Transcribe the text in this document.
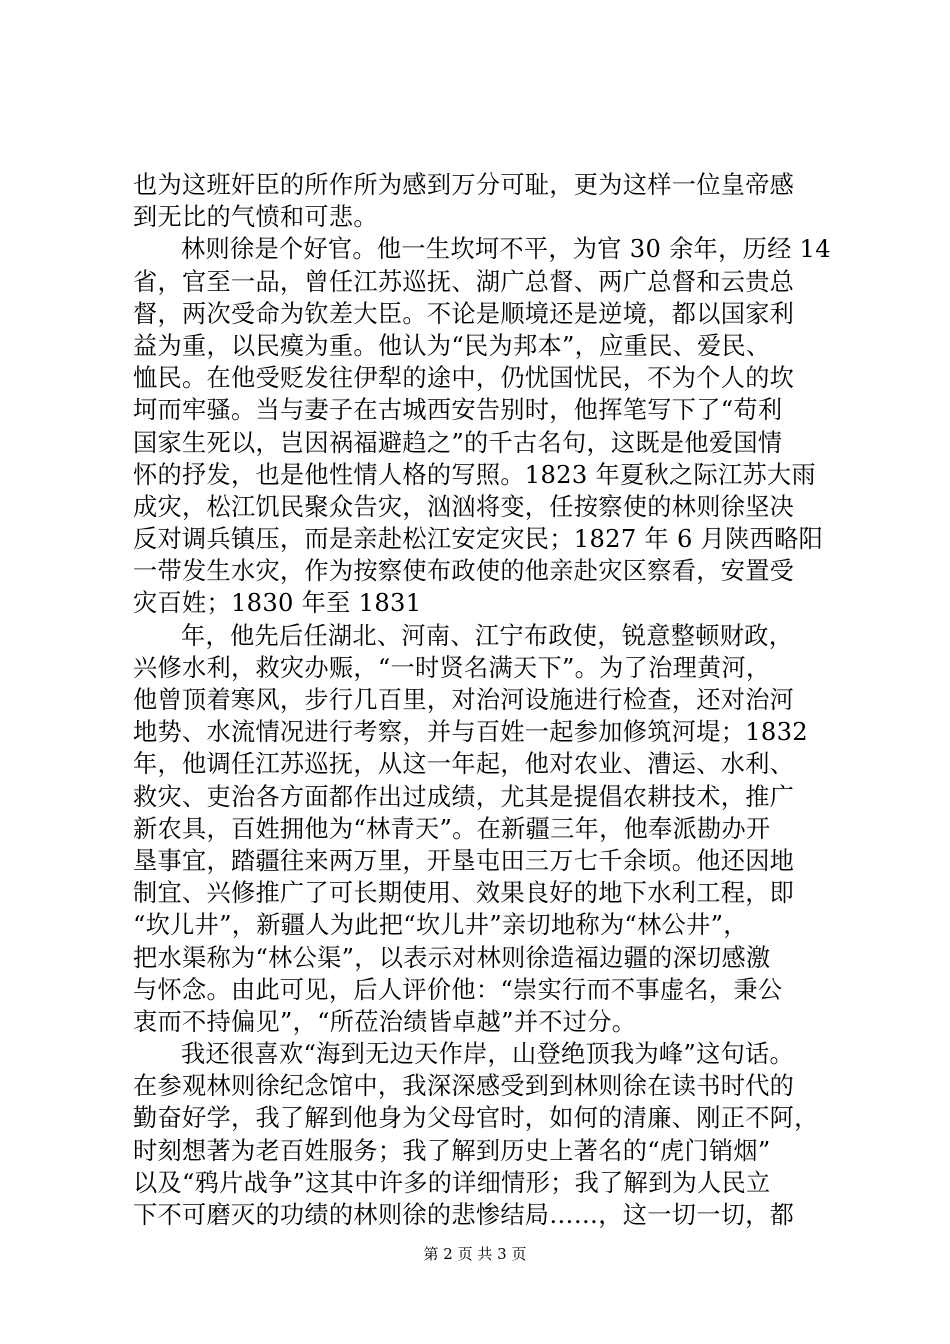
也为这班奸臣的所作所为感到万分可耻，更为这样一位皇帝感
到无比的气愤和可悲。
林则徐是个好官。他一生坎坷不平，为官 30 余年，历经 14
省，官至一品，曾任江苏巡抚、湖广总督、两广总督和云贵总
督，两次受命为钦差大臣。不论是顺境还是逆境，都以国家利
益为重，以民瘼为重。他认为“民为邦本”，应重民、爱民、
恤民。在他受贬发往伊犁的途中，仍忧国忧民，不为个人的坎
坷而牢骚。当与妻子在古城西安告别时，他挥笔写下了“苟利
国家生死以，岂因祸福避趋之”的千古名句，这既是他爱国情
怀的抒发，也是他性情人格的写照。1823 年夏秋之际江苏大雨
成灾，松江饥民聚众告灾，汹汹将变，任按察使的林则徐坚决
反对调兵镇压，而是亲赴松江安定灾民；1827 年 6 月陕西略阳
一带发生水灾，作为按察使布政使的他亲赴灾区察看，安置受
灾百姓；1830 年至 1831
年，他先后任湖北、河南、江宁布政使，锐意整顿财政，
兴修水利，救灾办赈，“一时贤名满天下”。为了治理黄河，
他曾顶着寒风，步行几百里，对治河设施进行检查，还对治河
地势、水流情况进行考察，并与百姓一起参加修筑河堤；1832
年，他调任江苏巡抚，从这一年起，他对农业、漕运、水利、
救灾、吏治各方面都作出过成绩，尤其是提倡农耕技术，推广
新农具，百姓拥他为“林青天”。在新疆三年，他奉派勘办开
垦事宜，踏疆往来两万里，开垦屯田三万七千余顷。他还因地
制宜、兴修推广了可长期使用、效果良好的地下水利工程，即
“坎儿井”，新疆人为此把“坎儿井”亲切地称为“林公井”，
把水渠称为“林公渠”，以表示对林则徐造福边疆的深切感激
与怀念。由此可见，后人评价他：“崇实行而不事虚名，秉公
衷而不持偏见”，“所莅治绩皆卓越”并不过分。
我还很喜欢“海到无边天作岸，山登绝顶我为峰”这句话。
在参观林则徐纪念馆中，我深深感受到到林则徐在读书时代的
勤奋好学，我了解到他身为父母官时，如何的清廉、刚正不阿，
时刻想著为老百姓服务；我了解到历史上著名的“虎门销烟”
以及“鸦片战争”这其中许多的详细情形；我了解到为人民立
下不可磨灭的功绩的林则徐的悲惨结局……，这一切一切，都
第 2 页 共 3 页
